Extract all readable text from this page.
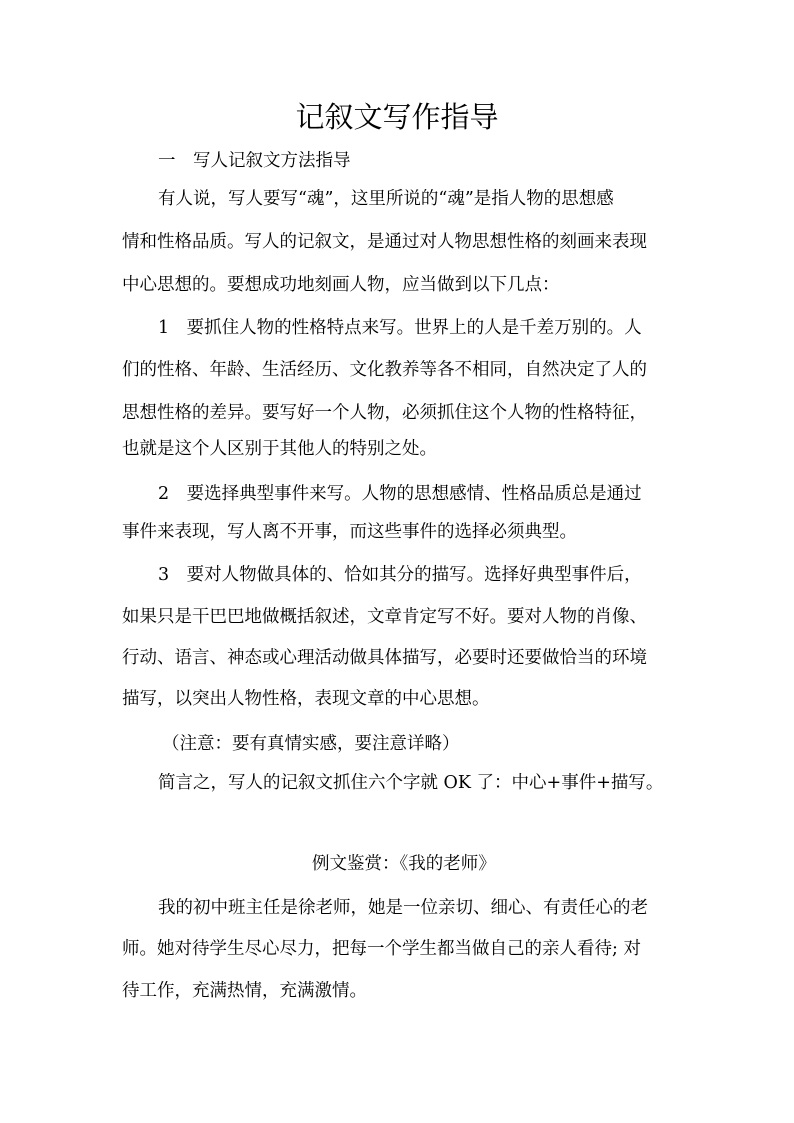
记叙文写作指导
一　写人记叙文方法指导
有人说，写人要写“魂”，这里所说的“魂”是指人物的思想感
情和性格品质。写人的记叙文，是通过对人物思想性格的刻画来表现
中心思想的。要想成功地刻画人物，应当做到以下几点：
1　要抓住人物的性格特点来写。世界上的人是千差万别的。人
们的性格、年龄、生活经历、文化教养等各不相同，自然决定了人的
思想性格的差异。要写好一个人物，必须抓住这个人物的性格特征，
也就是这个人区别于其他人的特别之处。
2　要选择典型事件来写。人物的思想感情、性格品质总是通过
事件来表现，写人离不开事，而这些事件的选择必须典型。
3　要对人物做具体的、恰如其分的描写。选择好典型事件后，
如果只是干巴巴地做概括叙述，文章肯定写不好。要对人物的肖像、
行动、语言、神态或心理活动做具体描写，必要时还要做恰当的环境
描写，以突出人物性格，表现文章的中心思想。
（注意：要有真情实感，要注意详略）
简言之，写人的记叙文抓住六个字就 OK 了：中心+事件+描写。
例文鉴赏：《我的老师》
我的初中班主任是徐老师，她是一位亲切、细心、有责任心的老
师。她对待学生尽心尽力，把每一个学生都当做自己的亲人看待; 对
待工作，充满热情，充满激情。
